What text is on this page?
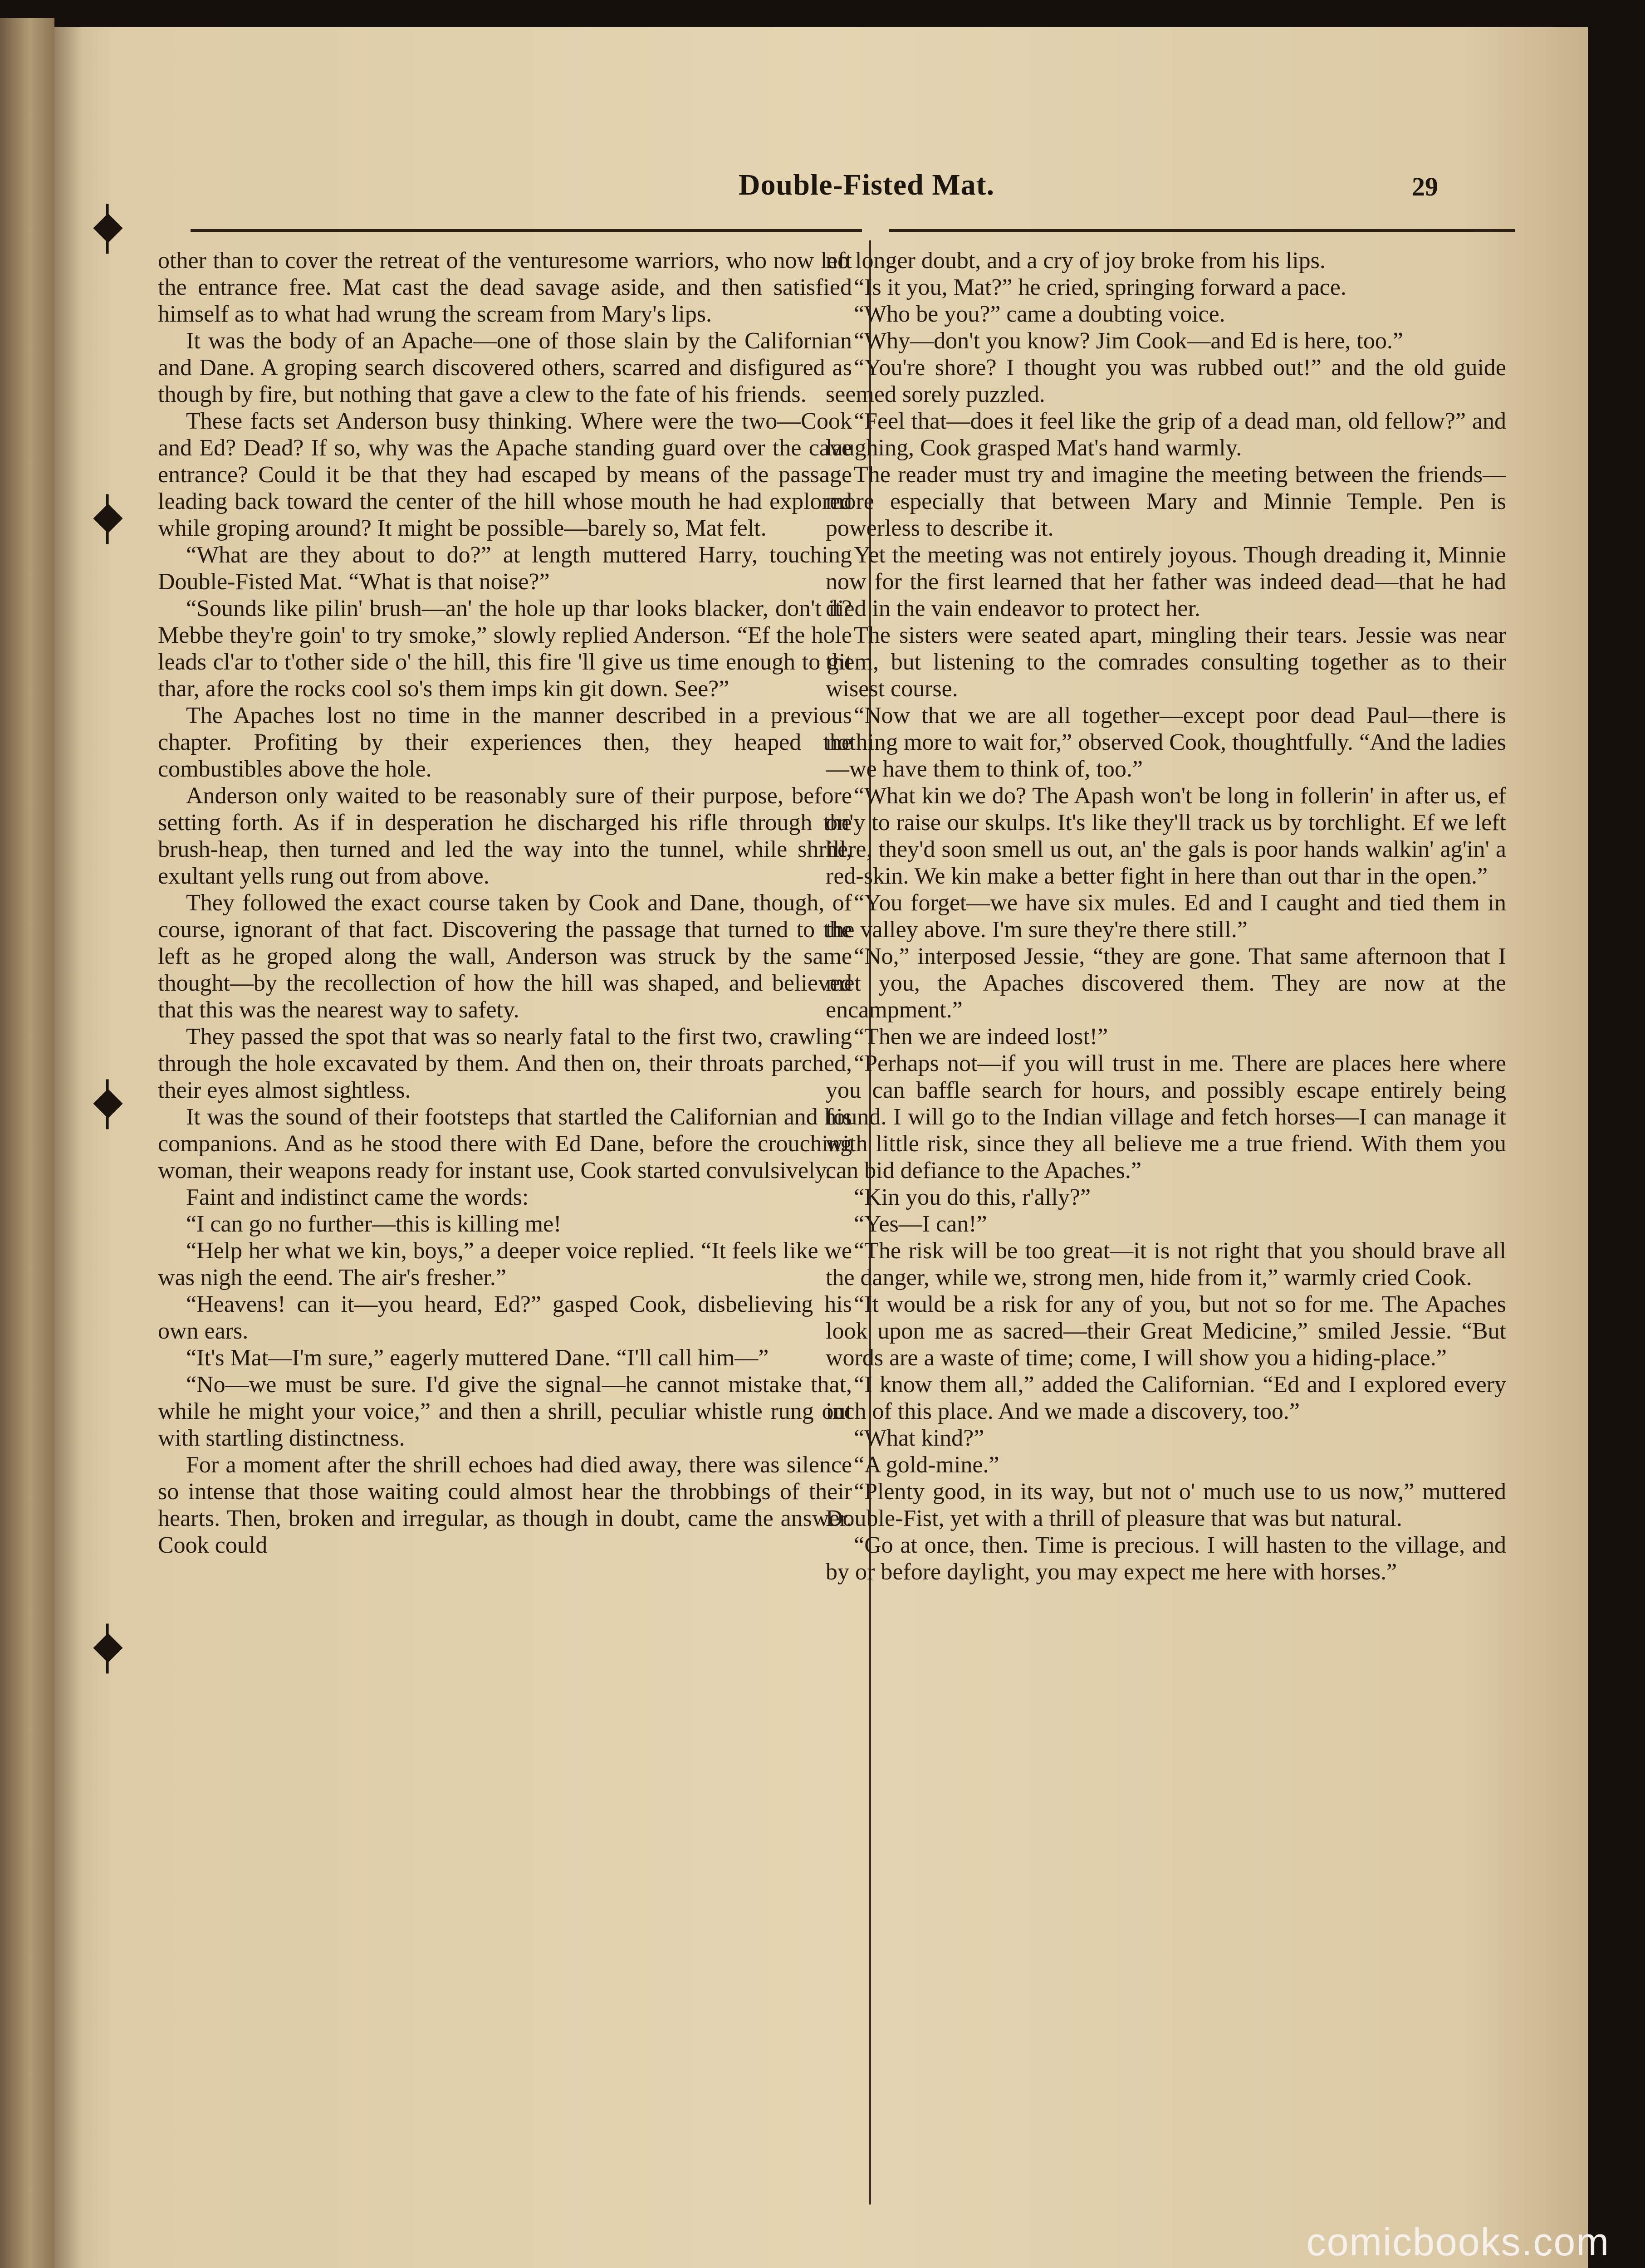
Double-Fisted Mat.	29

other than to cover the retreat of the venturesome warriors, who now left the entrance free. Mat cast the dead savage aside, and then satisfied himself as to what had wrung the scream from Mary's lips.

It was the body of an Apache—one of those slain by the Californian and Dane. A groping search discovered others, scarred and disfigured as though by fire, but nothing that gave a clew to the fate of his friends.

These facts set Anderson busy thinking. Where were the two—Cook and Ed? Dead? If so, why was the Apache standing guard over the cave entrance? Could it be that they had escaped by means of the passage leading back toward the center of the hill whose mouth he had explored while groping around? It might be possible—barely so, Mat felt.

“What are they about to do?” at length muttered Harry, touching Double-Fisted Mat. “What is that noise?”

“Sounds like pilin' brush—an' the hole up thar looks blacker, don't it? Mebbe they're goin' to try smoke,” slowly replied Anderson. “Ef the hole leads cl'ar to t'other side o' the hill, this fire 'll give us time enough to git thar, afore the rocks cool so's them imps kin git down. See?”

The Apaches lost no time in the manner described in a previous chapter. Profiting by their experiences then, they heaped the combustibles above the hole.

Anderson only waited to be reasonably sure of their purpose, before setting forth. As if in desperation he discharged his rifle through the brush-heap, then turned and led the way into the tunnel, while shrill, exultant yells rung out from above.

They followed the exact course taken by Cook and Dane, though, of course, ignorant of that fact. Discovering the passage that turned to the left as he groped along the wall, Anderson was struck by the same thought—by the recollection of how the hill was shaped, and believed that this was the nearest way to safety.

They passed the spot that was so nearly fatal to the first two, crawling through the hole excavated by them. And then on, their throats parched, their eyes almost sightless.

It was the sound of their footsteps that startled the Californian and his companions. And as he stood there with Ed Dane, before the crouching woman, their weapons ready for instant use, Cook started convulsively.

Faint and indistinct came the words:

“I can go no further—this is killing me!

“Help her what we kin, boys,” a deeper voice replied. “It feels like we was nigh the eend. The air's fresher.”

“Heavens! can it—you heard, Ed?” gasped Cook, disbelieving his own ears.

“It's Mat—I'm sure,” eagerly muttered Dane. “I'll call him—”

“No—we must be sure. I'd give the signal—he cannot mistake that, while he might your voice,” and then a shrill, peculiar whistle rung out with startling distinctness.

For a moment after the shrill echoes had died away, there was silence so intense that those waiting could almost hear the throbbings of their hearts. Then, broken and irregular, as though in doubt, came the answer. Cook could

no longer doubt, and a cry of joy broke from his lips.

“Is it you, Mat?” he cried, springing forward a pace.

“Who be you?” came a doubting voice.

“Why—don't you know? Jim Cook—and Ed is here, too.”

“You're shore? I thought you was rubbed out!” and the old guide seemed sorely puzzled.

“Feel that—does it feel like the grip of a dead man, old fellow?” and laughing, Cook grasped Mat's hand warmly.

The reader must try and imagine the meeting between the friends—more especially that between Mary and Minnie Temple. Pen is powerless to describe it.

Yet the meeting was not entirely joyous. Though dreading it, Minnie now for the first learned that her father was indeed dead—that he had died in the vain endeavor to protect her.

The sisters were seated apart, mingling their tears. Jessie was near them, but listening to the comrades consulting together as to their wisest course.

“Now that we are all together—except poor dead Paul—there is nothing more to wait for,” observed Cook, thoughtfully. “And the ladies—we have them to think of, too.”

“What kin we do? The Apash won't be long in follerin' in after us, ef on'y to raise our skulps. It's like they'll track us by torchlight. Ef we left here, they'd soon smell us out, an' the gals is poor hands walkin' ag'in' a red-skin. We kin make a better fight in here than out thar in the open.”

“You forget—we have six mules. Ed and I caught and tied them in the valley above. I'm sure they're there still.”

“No,” interposed Jessie, “they are gone. That same afternoon that I met you, the Apaches discovered them. They are now at the encampment.”

“Then we are indeed lost!”

“Perhaps not—if you will trust in me. There are places here where you can baffle search for hours, and possibly escape entirely being found. I will go to the Indian village and fetch horses—I can manage it with little risk, since they all believe me a true friend. With them you can bid defiance to the Apaches.”

“Kin you do this, r'ally?”

“Yes—I can!”

“The risk will be too great—it is not right that you should brave all the danger, while we, strong men, hide from it,” warmly cried Cook.

“It would be a risk for any of you, but not so for me. The Apaches look upon me as sacred—their Great Medicine,” smiled Jessie. “But words are a waste of time; come, I will show you a hiding-place.”

“I know them all,” added the Californian. “Ed and I explored every inch of this place. And we made a discovery, too.”

“What kind?”

“A gold-mine.”

“Plenty good, in its way, but not o' much use to us now,” muttered Double-Fist, yet with a thrill of pleasure that was but natural.

“Go at once, then. Time is precious. I will hasten to the village, and by or before daylight, you may expect me here with horses.”

comicbooks.com
